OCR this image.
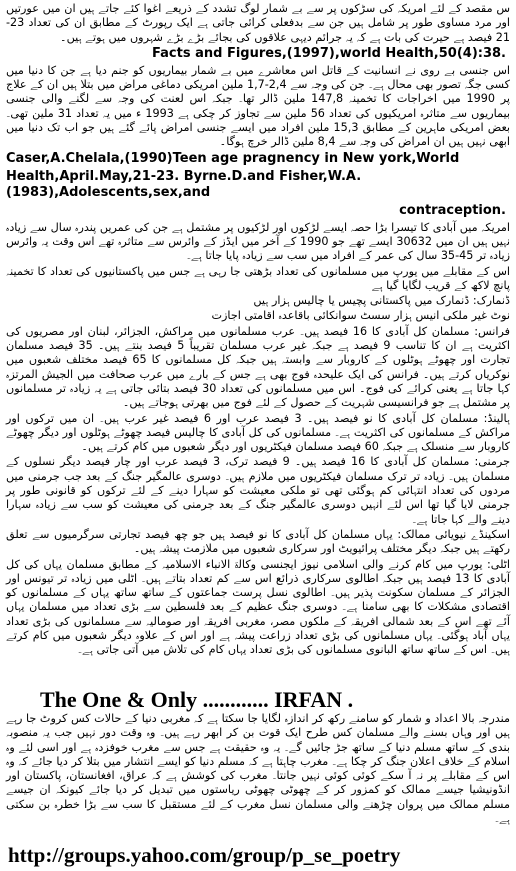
ﺱ ﻣﻘﺼﺪ ﮐﮯ ﻟﺌﮯ ﺍﻣﺮﯾﮑﮧ ﮐﯽ ﺳﮍﮐﻮﮞ ﭘﺮ ﺳﮯ ﺑﮯ ﺷﻤﺎﺭ ﻟﻮﮒ ﺗﺸﺪﺩ ﮐﮯ ﺫﺭﯾﻌﮯ ﺍﻏﻮﺍ ﮐﺌﮯ ﺟﺎﺗﮯ ﮨﯿﮟ ﺍﻥ ﻣﯿﮟ ﻋﻮﺭﺗﯿﮟ ﺍﻭﺭ ﻣﺮﺩ ﻣﺴﺎﻭﯼ ﻃﻮﺭ ﭘﺮ ﺷﺎﻣﻞ ﮨﯿﮟ ﺟﻦ ﺳﮯ ﺑﺪﻓﻌﻠﯽ ﮐﺮﺍﺋﯽ ﺟﺎﺗﯽ ﮨﮯ ﺍﯾﮏ ﺭﭘﻮﺭﭦ ﮐﮯ ﻣﻄﺎﺑﻖ ﺍﻥ ﮐﯽ ﺗﻌﺪﺍﺩ 23-21 ﻓﯿﺼﺪ ﮨﮯ ﺣﯿﺮﺕ ﮐﯽ ﺑﺎﺕ ﮨﮯ ﮐﮧ ﯾﮧ ﺟﺮﺍﺋﻢ ﺩﯾﮩﯽ ﻋﻼﻗﻮﮞ ﮐﯽ ﺑﺠﺎﺋﮯ ﺑﮍﮮ ﺑﮍﮮ ﺷﮩﺮﻭﮞ ﻣﯿﮟ ﮨﻮﺗﮯ ﮨﯿﮟ۔

Facts and Figures,(1997),world Health,50(4):38.

ﺍﺱ ﺟﻨﺴﯽ ﺑﮯ ﺭﻭﯼ ﻧﮯ ﺍﻧﺴﺎﻧﯿﺖ ﮐﮯ ﻗﺎﺗﻞ ﺍﺱ ﻣﻌﺎﺷﺮﮮ ﻣﯿﮟ ﺑﮯ ﺷﻤﺎﺭ ﺑﯿﻤﺎﺭﯾﻮﮞ ﮐﻮ ﺟﻨﻢ ﺩﯾﺎ ﮨﮯ ﺟﻦ ﮐﺎ ﺩﻧﯿﺎ ﻣﯿﮟ ﮐﺴﯽ ﺟﮕﮧ ﺗﺼﻮﺭ ﺑﮭﯽ ﻣﺤﺎﻝ ﮨﮯ۔ ﺟﻦ ﮐﯽ ﻭﺟﮧ ﺳﮯ 2,4-1,7 ﻣﻠﯿﻦ ﺍﻣﺮﯾﮑﯽ ﺩﻣﺎﻏﯽ ﻣﺮﺍﺽ ﻣﯿﮟ ﺑﺘﻼ ﮨﯿﮟ ﺍﻥ ﮐﮯ ﻋﻼﺝ ﭘﺮ 1990 ﻣﯿﮟ ﺍﺧﺮﺍﺟﺎﺕ ﮐﺎ ﺗﺨﻤﯿﻨﮧ 147,8 ﻣﻠﯿﻦ ﮈﺍﻟﺮ ﺗﮭﺎ۔ ﺟﺒﮑﮧ ﺍﺱ ﻟﻌﻨﺖ ﮐﯽ ﻭﺟﮧ ﺳﮯ ﻟﮕﻨﮯ ﻭﺍﻟﯽ ﺟﻨﺴﯽ ﺑﯿﻤﺎﺭﯾﻮﮞ ﺳﮯ ﻣﺘﺎﺛﺮﮦ ﺍﻣﺮﯾﮑﯿﻮﮞ ﮐﯽ ﺗﻌﺪﺍﺩ 56 ﻣﻠﯿﻦ ﺳﮯ ﺗﺠﺎﻭﺯ ﮐﺮ ﭼﮑﯽ ﮨﮯ 1993 ﺀ ﻣﯿﮟ ﯾﮧ ﺗﻌﺪﺍﺩ 31 ﻣﻠﯿﻦ ﺗﮭﯽ۔ ﺑﻌﺾ ﺍﻣﺮﯾﮑﯽ ﻣﺎﮨﺮﯾﻦ ﮐﮯ ﻣﻄﺎﺑﻖ 15,3 ﻣﻠﯿﻦ ﺍﻓﺮﺍﺩ ﻣﯿﮟ ﺍﯾﺴﮯ ﺟﻨﺴﯽ ﺍﻣﺮﺍﺽ ﭘﺎﺋﮯ ﮔﺌﮯ ﮨﯿﮟ ﺟﻮ ﺍﺏ ﺗﮏ ﺩﻧﯿﺎ ﻣﯿﮟ ﺍﺑﮭﯽ ﻧﮩﯿﮟ ﮨﯿﮟ ﺍﻥ ﺍﻣﺮﺍﺽ ﮐﯽ ﻭﺟﮧ ﺳﮯ 8,4 ﻣﻠﯿﻦ ﮈﺍﻟﺮ ﺧﺮﭺ ﮨﻮﮔﺎ۔

Caser,A.Chelala,(1990)Teen age pragnency in New york,World

Health,April.May,21-23. Byrne.D.and Fisher,W.A.(1983),Adolescents,sex,and

contraception.

ﺍﻣﺮﯾﮑﮧ ﻣﯿﮟ ﺁﺑﺎﺩﯼ ﮐﺎ ﺗﯿﺴﺮﺍ ﺑﮍﺍ ﺣﺼﮧ ﺍﯾﺴﮯ ﻟﮍﮐﻮﮞ ﺍﻭﺭ ﻟﮍﮐﯿﻮﮞ ﭘﺮ ﻣﺸﺘﻤﻞ ﮨﮯ ﺟﻦ ﮐﯽ ﻋﻤﺮﯾﮟ ﭘﻨﺪﺭﮦ ﺳﺎﻝ ﺳﮯ ﺯﯾﺎﺩﮦ ﻧﮩﯿﮟ ﮨﯿﮟ ﺍﻥ ﻣﯿﮟ 30632 ﺍﯾﺴﮯ ﺗﮭﮯ ﺟﻮ 1990 ﮐﮯ ﺁﺧﺮ ﻣﯿﮟ ﺍﯾﮉﺯ ﮐﮯ ﻭﺍﺋﺮﺱ ﺳﮯ ﻣﺘﺎﺛﺮﮦ ﺗﮭﮯ ﺍﺱ ﻭﻗﺖ ﯾﮧ ﻭﺍﺋﺮﺱ ﺯﯾﺎﺩﮦ ﺗﺮ 45-35 ﺳﺎﻝ ﮐﯽ ﻋﻤﺮ ﮐﮯ ﺍﻓﺮﺍﺩ ﻣﯿﮟ ﺳﺐ ﺳﮯ ﺯﯾﺎﺩﮦ ﭘﺎﯾﺎ ﺟﺎﺗﺎ ﮨﮯ۔

ﺍﺱ ﮐﮯ ﻣﻘﺎﺑﻠﮯ ﻣﯿﮟ ﯾﻮﺭﭖ ﻣﯿﮟ ﻣﺴﻠﻤﺎﻧﻮﮞ ﮐﯽ ﺗﻌﺪﺍﺩ ﺑﮍﮬﺘﯽ ﺟﺎ ﺭﮨﯽ ﮨﮯ ﺟﺲ ﻣﯿﮟ ﭘﺎﮐﺴﺘﺎﻧﯿﻮﮞ ﮐﯽ ﺗﻌﺪﺍﺩ ﮐﺎ ﺗﺨﻤﯿﻨﮧ ﭘﺎﻧﭻ ﻻﮐﮫ ﮐﮯ ﻗﺮﯾﺐ ﻟﮕﺎﯾﺎ ﮔﯿﺎ ﮨﮯ

ﮈﻧﻤﺎﺭﮎ: ﮈﻧﻤﺎﺭﮎ ﻣﯿﮟ ﭘﺎﮐﺴﺘﺎﻧﯽ ﭘﭽﯿﺲ ﯾﺎ ﭼﺎﻟﯿﺲ ﮨﺰﺍﺭ ﮨﯿﮟ

ﻧﻮﭦ ﻏﯿﺮ ﻣﻠﮑﯽ ﺍﻧﯿﺲ ﮨﺰﺍﺭ ﺳﺴﭧ ﺳﻮﺍﻧﮑﺎﺋﯽ ﺑﺎﻗﺎﻋﺪﮦ ﺍﻗﺎﻣﺘﯽ ﺍﺟﺎﺯﺕ

ﻓﺮﺍﻧﺲ: ﻣﺴﻠﻤﺎﻥ ﮐﻞ ﺁﺑﺎﺩﯼ ﮐﺎ 16 ﻓﯿﺼﺪ ﮨﯿﮟ۔ ﻋﺮﺏ ﻣﺴﻠﻤﺎﻧﻮﮞ ﻣﯿﮟ ﻣﺮﺍﮐﺶ، ﺍﻟﺠﺰﺍﺋﺮ، ﻟﺒﻨﺎﻥ ﺍﻭﺭ ﻣﺼﺮﯾﻮﮞ ﮐﯽ ﺍﮐﺜﺮﯾﺖ ﮨﮯ ﺍﻥ ﮐﺎ ﺗﻨﺎﺳﺐ 9 ﻓﯿﺼﺪ ﮨﮯ ﺟﺒﮑﮧ ﻏﯿﺮ ﻋﺮﺏ ﻣﺴﻠﻤﺎﻥ ﺗﻘﺮﯾﺒﺎً 5 ﻓﯿﺼﺪ ﺑﻨﺘﮯ ﮨﯿﮟ۔ 35 ﻓﯿﺼﺪ ﻣﺴﻠﻤﺎﻥ ﺗﺠﺎﺭﺕ ﺍﻭﺭ ﭼﮭﻮﭨﮯ ﮨﻮﭨﻠﻮﮞ ﮐﮯ ﮐﺎﺭﻭﺑﺎﺭ ﺳﮯ ﻭﺍﺑﺴﺘﮧ ﮨﯿﮟ ﺟﺒﮑﮧ ﮐﻞ ﻣﺴﻠﻤﺎﻧﻮﮞ ﮐﺎ 65 ﻓﯿﺼﺪ ﻣﺨﺘﻠﻒ ﺷﻌﺒﻮﮞ ﻣﯿﮟ ﻧﻮﮐﺮﯾﺎﮞ ﮐﺮﺗﮯ ﮨﯿﮟ۔ ﻓﺮﺍﻧﺲ ﮐﯽ ﺍﯾﮏ ﻋﻠﯿﺤﺪﮦ ﻓﻮﺝ ﺑﮭﯽ ﮨﮯ ﺟﺲ ﮐﮯ ﺑﺎﺭﮮ ﻣﯿﮟ ﻋﺮﺏ ﺻﺤﺎﻓﺖ ﻣﯿﮟ ﺍﻟﺠﯿﺶ ﺍﻟﻤﺮﺗﺰﮦ ﮐﮩﺎ ﺟﺎﺗﺎ ﮨﮯ ﯾﻌﻨﯽ ﮐﺮﺍﺋﮯ ﮐﯽ ﻓﻮﺝ۔ ﺍﺱ ﻣﯿﮟ ﻣﺴﻠﻤﺎﻧﻮﮞ ﮐﯽ ﺗﻌﺪﺍﺩ 30 ﻓﯿﺼﺪ ﺑﺘﺎﺋﯽ ﺟﺎﺗﯽ ﮨﮯ ﯾﮧ ﺯﯾﺎﺩﮦ ﺗﺮ ﻣﺴﻠﻤﺎﻧﻮﮞ ﭘﺮ ﻣﺸﺘﻤﻞ ﮨﮯ ﺟﻮ ﻓﺮﺍﻧﺴﯿﺴﯽ ﺷﮩﺮﯾﺖ ﮐﮯ ﺣﺼﻮﻝ ﮐﮯ ﻟﺌﮯ ﻓﻮﺝ ﻣﯿﮟ ﺑﮭﺮﺗﯽ ﮨﻮﺟﺎﺗﮯ ﮨﯿﮟ۔

ﮨﺎﻟﯿﻨﮉ: ﻣﺴﻠﻤﺎﻥ ﮐﻞ ﺁﺑﺎﺩﯼ ﮐﺎ ﻧﻮ ﻓﯿﺼﺪ ﮨﯿﮟ۔ 3 ﻓﯿﺼﺪ ﻋﺮﺏ ﺍﻭﺭ 6 ﻓﯿﺼﺪ ﻏﯿﺮ ﻋﺮﺏ ﮨﯿﮟ۔ ﺍﻥ ﻣﯿﮟ ﺗﺮﮐﻮﮞ ﺍﻭﺭ ﻣﺮﺍﮐﺶ ﮐﮯ ﻣﺴﻠﻤﺎﻧﻮﮞ ﮐﯽ ﺍﮐﺜﺮﯾﺖ ﮨﮯ۔ ﻣﺴﻠﻤﺎﻧﻮﮞ ﮐﯽ ﮐﻞ ﺁﺑﺎﺩﯼ ﮐﺎ ﭼﺎﻟﯿﺲ ﻓﯿﺼﺪ ﭼﮭﻮﭨﮯ ﮨﻮﭨﻠﻮﮞ ﺍﻭﺭ ﺩﯾﮕﺮ ﭼﮭﻮﭨﮯ ﮐﺎﺭﻭﺑﺎﺭ ﺳﮯ ﻣﻨﺴﻠﮏ ﮨﮯ ﺟﺒﮑﮧ 60 ﻓﯿﺼﺪ ﻣﺴﻠﻤﺎﻥ ﻓﯿﮑﭩﺮﯾﻮﮞ ﺍﻭﺭ ﺩﯾﮕﺮ ﺷﻌﺒﻮﮞ ﻣﯿﮟ ﮐﺎﻡ ﮐﺮﺗﮯ ﮨﯿﮟ۔

ﺟﺮﻣﻨﯽ: ﻣﺴﻠﻤﺎﻥ ﮐﻞ ﺁﺑﺎﺩﯼ ﮐﺎ 16 ﻓﯿﺼﺪ ﮨﯿﮟ۔ 9 ﻓﯿﺼﺪ ﺗﺮﮎ، 3 ﻓﯿﺼﺪ ﻋﺮﺏ ﺍﻭﺭ ﭼﺎﺭ ﻓﯿﺼﺪ ﺩﯾﮕﺮ ﻧﺴﻠﻮﮞ ﮐﮯ ﻣﺴﻠﻤﺎﻥ ﮨﯿﮟ۔ ﺯﯾﺎﺩﮦ ﺗﺮ ﺗﺮﮎ ﻣﺴﻠﻤﺎﻥ ﻓﯿﮑﭩﺮﯾﻮﮞ ﻣﯿﮟ ﻣﻼﺯﻡ ﮨﯿﮟ۔ ﺩﻭﺳﺮﯼ ﻋﺎﻟﻤﮕﯿﺮ ﺟﻨﮓ ﮐﮯ ﺑﻌﺪ ﺟﺐ ﺟﺮﻣﻨﯽ ﻣﯿﮟ ﻣﺮﺩﻭﮞ ﮐﯽ ﺗﻌﺪﺍﺩ ﺍﻧﺘﮩﺎﺋﯽ ﮐﻢ ﮨﻮﮔﺌﯽ ﺗﮭﯽ ﺗﻮ ﻣﻠﮑﯽ ﻣﻌﯿﺸﺖ ﮐﻮ ﺳﮩﺎﺭﺍ ﺩﯾﻨﮯ ﮐﮯ ﻟﺌﮯ ﺗﺮﮐﻮﮞ ﮐﻮ ﻗﺎﻧﻮﻧﯽ ﻃﻮﺭ ﭘﺮ ﺟﺮﻣﻨﯽ ﻻﯾﺎ ﮔﯿﺎ ﺗﮭﺎ ﺍﺱ ﻟﺌﮯ ﺍﻧﮩﯿﮟ ﺩﻭﺳﺮﯼ ﻋﺎﻟﻤﮕﯿﺮ ﺟﻨﮓ ﮐﮯ ﺑﻌﺪ ﺟﺮﻣﻨﯽ ﮐﯽ ﻣﻌﯿﺸﺖ ﮐﻮ ﺳﺐ ﺳﮯ ﺯﯾﺎﺩﮦ ﺳﮩﺎﺭﺍ ﺩﯾﻨﮯ ﻭﺍﻟﮯ ﮐﮩﺎ ﺟﺎﺗﺎ ﮨﮯ۔

ﺍﺳﮑﯿﻨﮉﮮ ﻧﯿﻮﯾﺎﺋﯽ ﻣﻤﺎﻟﮏ: ﯾﮩﺎﮞ ﻣﺴﻠﻤﺎﻥ ﮐﻞ ﺁﺑﺎﺩﯼ ﮐﺎ ﻧﻮ ﻓﯿﺼﺪ ﮨﯿﮟ ﺟﻮ ﭼﮫ ﻓﯿﺼﺪ ﺗﺠﺎﺭﺗﯽ ﺳﺮﮔﺮﻣﯿﻮﮞ ﺳﮯ ﺗﻌﻠﻖ ﺭﮐﮭﺘﮯ ﮨﯿﮟ ﺟﺒﮑﮧ ﺩﯾﮕﺮ ﻣﺨﺘﻠﻒ ﭘﺮﺍﺋﯿﻮﯾﭧ ﺍﻭﺭ ﺳﺮﮐﺎﺭﯼ ﺷﻌﺒﻮﮞ ﻣﯿﮟ ﻣﻼﺯﻣﺖ ﭘﯿﺸﮧ ﮨﯿﮟ۔

ﺍﭨﻠﯽ: ﯾﻮﺭﭖ ﻣﯿﮟ ﮐﺎﻡ ﮐﺮﻧﮯ ﻭﺍﻟﯽ ﺍﺳﻼﻣﯽ ﻧﯿﻮﺯ ﺍﯾﺠﻨﺴﯽ ﻭﮐﺎﻟۃ ﺍﻻﻧﺒﺎﺀ ﺍﻻﺳﻼﻣﯿﮧ ﮐﮯ ﻣﻄﺎﺑﻖ ﻣﺴﻠﻤﺎﻥ ﯾﮩﺎﮞ ﮐﯽ ﮐﻞ ﺁﺑﺎﺩﯼ ﮐﺎ 13 ﻓﯿﺼﺪ ﮨﯿﮟ ﺟﺒﮑﮧ ﺍﻃﺎﻟﻮﯼ ﺳﺮﮐﺎﺭﯼ ﺫﺭﺍﺋﻊ ﺍﺱ ﺳﮯ ﮐﻢ ﺗﻌﺪﺍﺩ ﺑﺘﺎﺗﮯ ﮨﯿﮟ۔ ﺍﭨﻠﯽ ﻣﯿﮟ ﺯﯾﺎﺩﮦ ﺗﺮ ﺗﯿﻮﻧﺲ ﺍﻭﺭ ﺍﻟﺠﺰﺍﺋﺮ ﮐﮯ ﻣﺴﻠﻤﺎﻥ ﺳﮑﻮﻧﺖ ﭘﺬﯾﺮ ﮨﯿﮟ۔ ﺍﻃﺎﻟﻮﯼ ﻧﺴﻞ ﭘﺮﺳﺖ ﺟﻤﺎﻋﺘﻮﮞ ﮐﮯ ﺳﺎﺗﮫ ﺳﺎﺗﮫ ﯾﮩﺎﮞ ﮐﮯ ﻣﺴﻠﻤﺎﻧﻮﮞ ﮐﻮ ﺍﻗﺘﺼﺎﺩﯼ ﻣﺸﮑﻼﺕ ﮐﺎ ﺑﮭﯽ ﺳﺎﻣﻨﺎ ﮨﮯ۔ ﺩﻭﺳﺮﯼ ﺟﻨﮓ ﻋﻈﯿﻢ ﮐﮯ ﺑﻌﺪ ﻓﻠﺴﻄﯿﻦ ﺳﮯ ﺑﮍﯼ ﺗﻌﺪﺍﺩ ﻣﯿﮟ ﻣﺴﻠﻤﺎﻥ ﯾﮩﺎﮞ ﺁﺋﮯ ﺗﮭﮯ ﺍﺱ ﮐﮯ ﺑﻌﺪ ﺷﻤﺎﻟﯽ ﺍﻓﺮﯾﻘﮧ ﮐﮯ ﻣﻠﮑﻮﮞ ﻣﺼﺮ، ﻣﻐﺮﺑﯽ ﺍﻓﺮﯾﻘﮧ ﺍﻭﺭ ﺻﻮﻣﺎﻟﯿﮧ ﺳﮯ ﻣﺴﻠﻤﺎﻧﻮﮞ ﮐﯽ ﺑﮍﯼ ﺗﻌﺪﺍﺩ ﯾﮩﺎﮞ ﺁﺑﺎﺩ ﮨﻮﮔﺌﯽ۔ ﯾﮩﺎﮞ ﻣﺴﻠﻤﺎﻧﻮﮞ ﮐﯽ ﺑﮍﯼ ﺗﻌﺪﺍﺩ ﺯﺭﺍﻋﺖ ﭘﯿﺸﮧ ﮨﮯ ﺍﻭﺭ ﺍﺱ ﮐﮯ ﻋﻼﻭﮦ ﺩﯾﮕﺮ ﺷﻌﺒﻮﮞ ﻣﯿﮟ ﮐﺎﻡ ﮐﺮﺗﮯ ﮨﯿﮟ۔ ﺍﺱ ﮐﮯ ﺳﺎﺗﮫ ﺳﺎﺗﮫ ﺍﻟﺒﺎﻧﻮﯼ ﻣﺴﻠﻤﺎﻧﻮﮞ ﮐﯽ ﺑﮍﯼ ﺗﻌﺪﺍﺩ ﯾﮩﺎﮞ ﮐﺎﻡ ﮐﯽ ﺗﻼﺵ ﻣﯿﮟ ﺁﺗﯽ ﺟﺎﺗﯽ ﮨﮯ۔

The One & Only ............ IRFAN .

ﻣﻨﺪﺭﺟﮧ ﺑﺎﻻ ﺍﻋﺪﺍﺩ ﻭ ﺷﻤﺎﺭ ﮐﻮ ﺳﺎﻣﻨﮯ ﺭﮐﮫ ﮐﺮ ﺍﻧﺪﺍﺯﮦ ﻟﮕﺎﯾﺎ ﺟﺎ ﺳﮑﺘﺎ ﮨﮯ ﮐﮧ ﻣﻐﺮﺑﯽ ﺩﻧﯿﺎ ﮐﮯ ﺣﺎﻻﺕ ﮐﺲ ﮐﺮﻭﭦ ﺟﺎ ﺭﮨﮯ ﮨﯿﮟ ﺍﻭﺭ ﻭﮨﺎﮞ ﺑﺴﻨﮯ ﻭﺍﻟﮯ ﻣﺴﻠﻤﺎﻥ ﮐﺲ ﻃﺮﺡ ﺍﯾﮏ ﻗﻮﺕ ﺑﻦ ﮐﺮ ﺍﺑﮭﺮ ﺭﮨﮯ ﮨﯿﮟ۔ ﻭﮦ ﻭﻗﺖ ﺩﻭﺭ ﻧﮩﯿﮟ ﺟﺐ ﯾﮧ ﻣﻨﺼﻮﺑﮧ ﺑﻨﺪﯼ ﮐﮯ ﺳﺎﺗﮫ ﻣﺴﻠﻢ ﺩﻧﯿﺎ ﮐﮯ ﺳﺎﺗﮫ ﺟﮍ ﺟﺎﺋﯿﮟ ﮔﮯ۔ ﯾﮧ ﻭﮦ ﺣﻘﯿﻘﺖ ﮨﮯ ﺟﺲ ﺳﮯ ﻣﻐﺮﺏ ﺧﻮﻓﺰﺩﮦ ﮨﮯ ﺍﻭﺭ ﺍﺳﯽ ﻟﺌﮯ ﻭﮦ ﺍﺳﻼﻡ ﮐﮯ ﺧﻼﻑ ﺍﻋﻼﻥ ﺟﻨﮓ ﮐﺮ ﭼﮑﺎ ﮨﮯ۔ ﻣﻐﺮﺏ ﭼﺎﮨﺘﺎ ﮨﮯ ﮐﮧ ﻣﺴﻠﻢ ﺩﻧﯿﺎ ﮐﻮ ﺍﯾﺴﮯ ﺍﻧﺘﺸﺎﺭ ﻣﯿﮟ ﺑﺘﻼ ﮐﺮ ﺩﯾﺎ ﺟﺎﺋﮯ ﮐﮧ ﻭﮦ ﺍﺱ ﮐﮯ ﻣﻘﺎﺑﻠﮯ ﭘﺮ ﻧﮧ ﺁ ﺳﮑﮯ ﮐﻮﺋﯽ ﮐﻮﺋﯽ ﻧﮩﯿﮟ ﺟﺎﻧﺘﺎ۔ ﻣﻐﺮﺏ ﮐﯽ ﮐﻮﺷﺶ ﮨﮯ ﮐﮧ ﻋﺮﺍﻕ، ﺍﻓﻐﺎﻧﺴﺘﺎﻥ، ﭘﺎﮐﺴﺘﺎﻥ ﺍﻭﺭ ﺍﻧﮉﻭﻧﯿﺸﯿﺎ ﺟﯿﺴﮯ ﻣﻤﺎﻟﮏ ﮐﻮ ﮐﻤﺰﻭﺭ ﮐﺮ ﮐﮯ ﭼﮭﻮﭨﯽ ﭼﮭﻮﭨﯽ ﺭﯾﺎﺳﺘﻮﮞ ﻣﯿﮟ ﺗﺒﺪﯾﻞ ﮐﺮ ﺩﯾﺎ ﺟﺎﺋﮯ ﮐﯿﻮﻧﮑﮧ ﺍﻥ ﺟﯿﺴﮯ ﻣﺴﻠﻢ ﻣﻤﺎﻟﮏ ﻣﯿﮟ ﭘﺮﻭﺍﻥ ﭼﮍﮬﻨﮯ ﻭﺍﻟﯽ ﻣﺴﻠﻤﺎﻥ ﻧﺴﻞ ﻣﻐﺮﺏ ﮐﮯ ﻟﺌﮯ ﻣﺴﺘﻘﺒﻞ ﮐﺎ ﺳﺐ ﺳﮯ ﺑﮍﺍ ﺧﻄﺮﮦ ﺑﻦ ﺳﮑﺘﯽ ﮨﮯ۔

http://groups.yahoo.com/group/p_se_poetry
